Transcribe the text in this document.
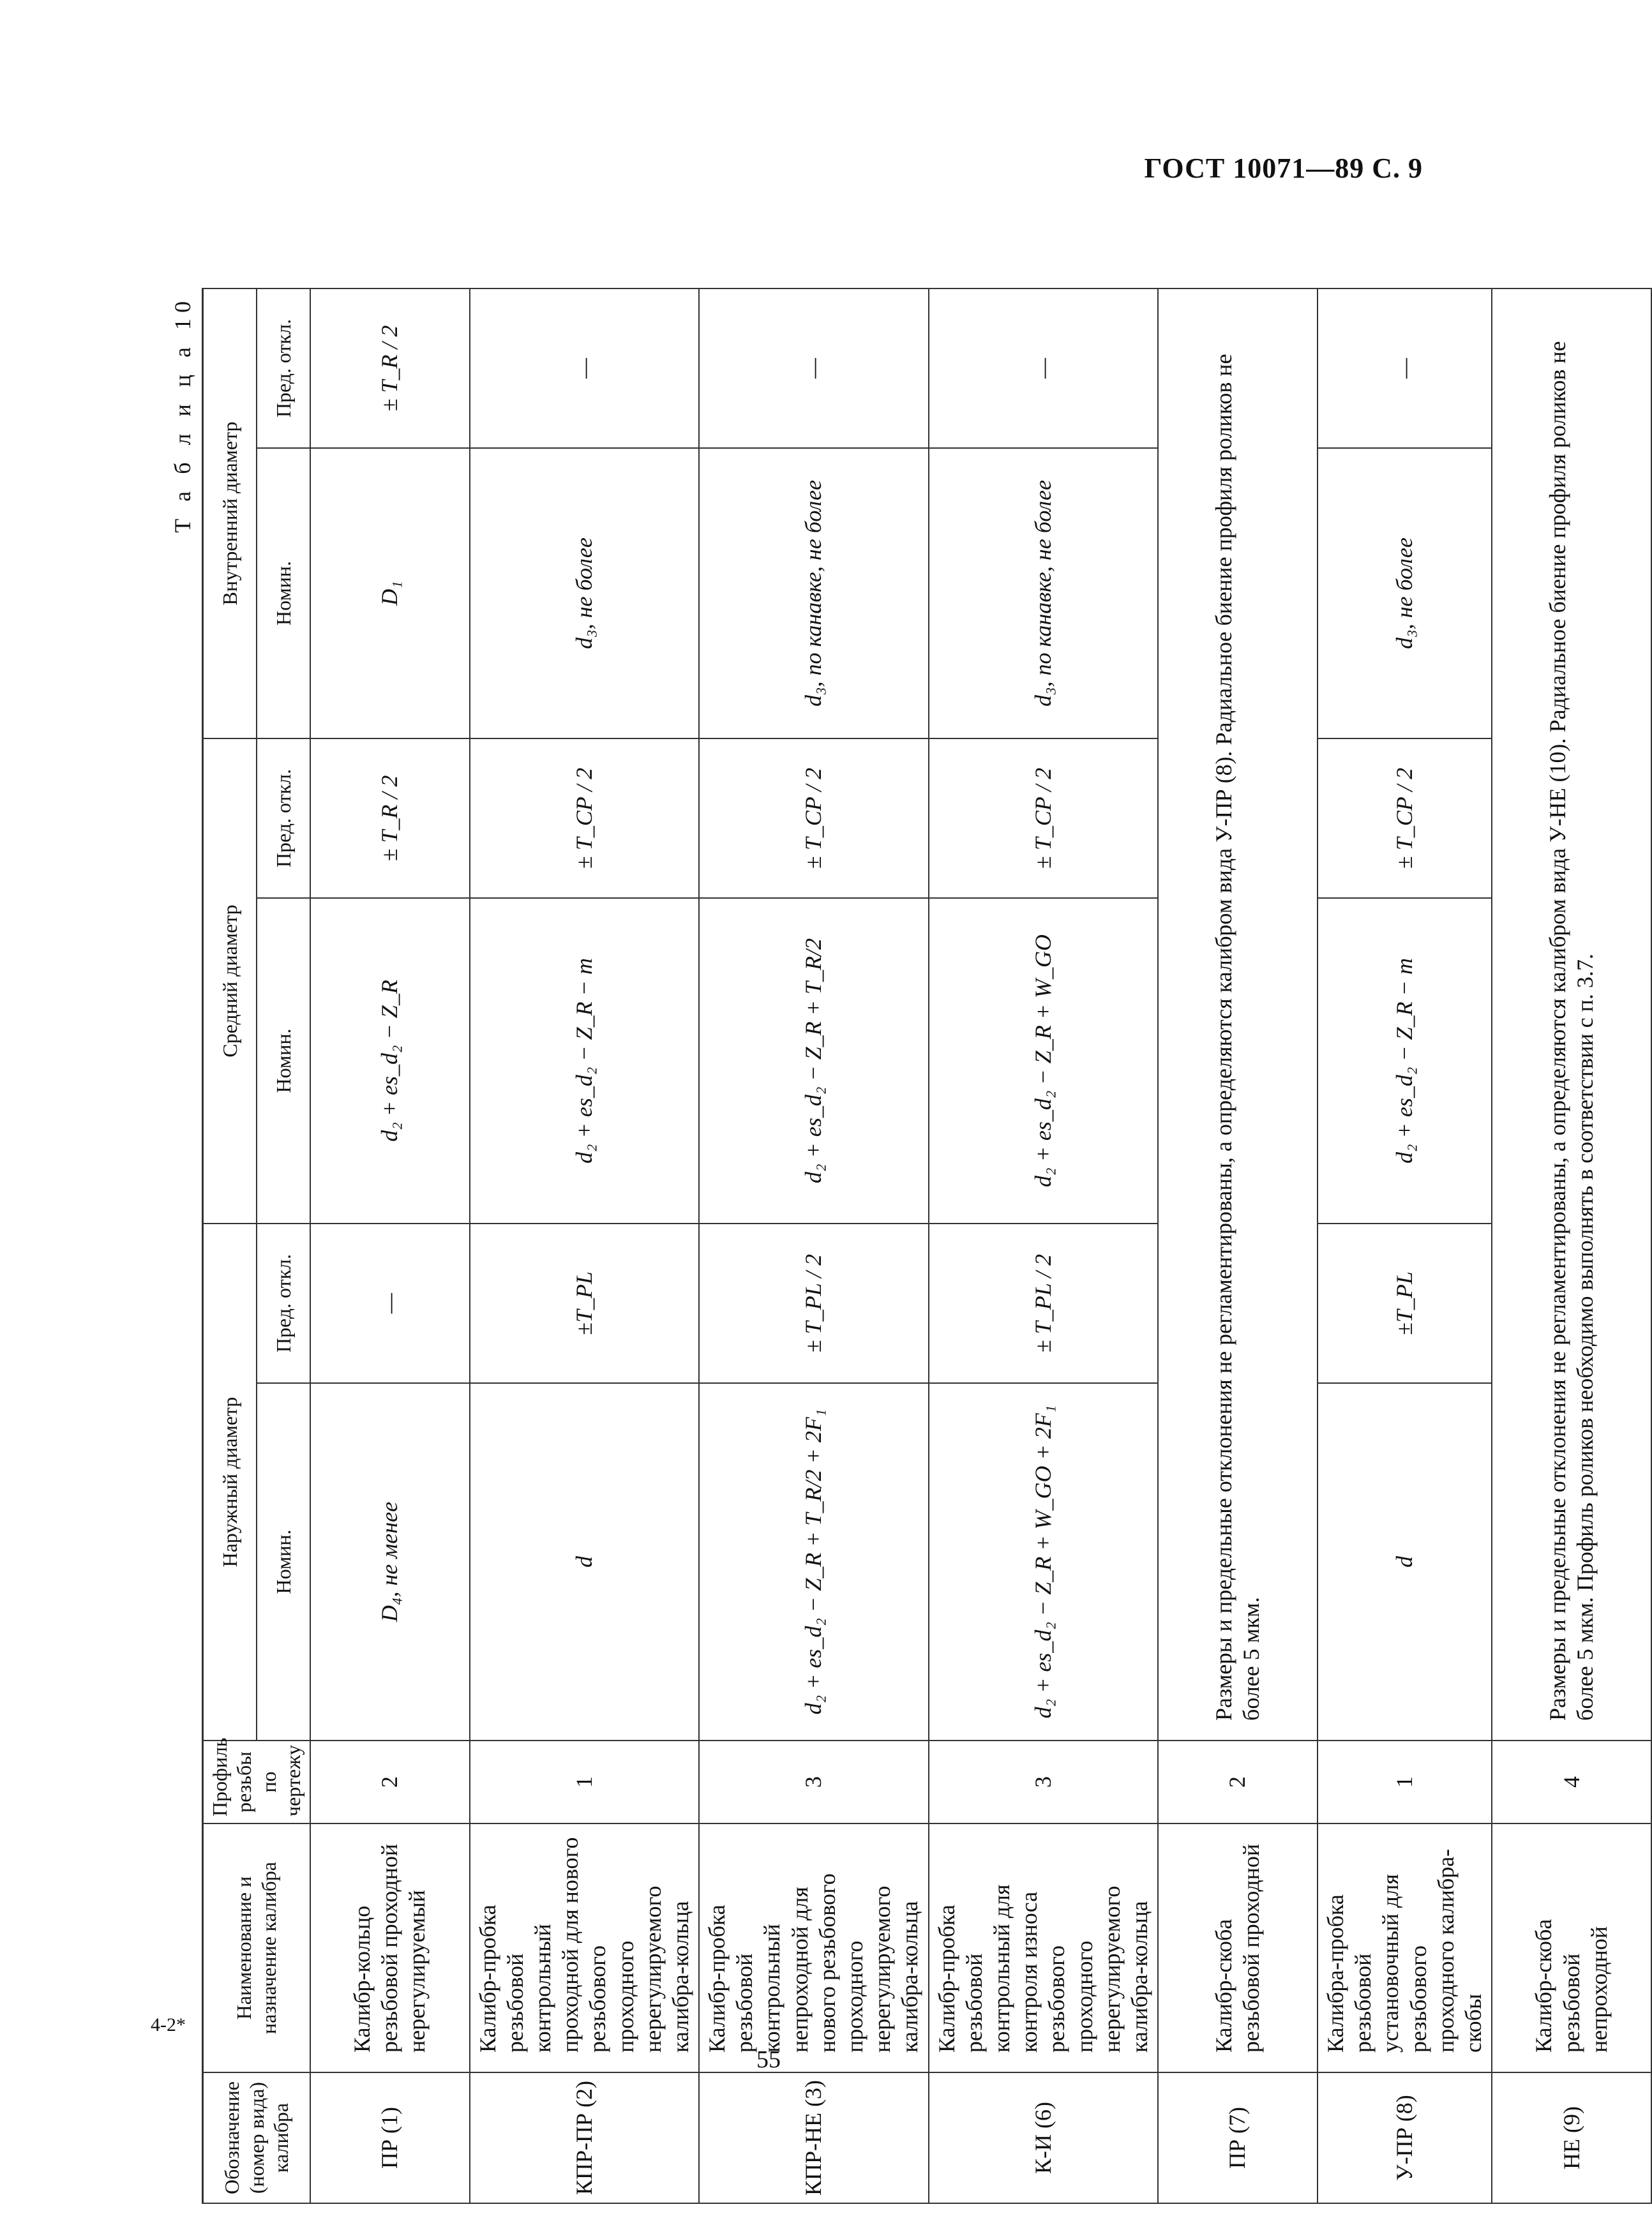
ГОСТ 10071—89 С. 9
4-2*
55
Т а б л и ц а 10
Обозначение (номер вида) калибра	Наименование и назначение калибра	Профиль резьбы по чертежу	Наружный диаметр		Средний диаметр		Внутренний диаметр	
			Номин.	Пред. откл.	Номин.	Пред. откл.	Номин.	Пред. откл.
ПР (1)	Калибр-кольцо резьбовой проходной нерегулируемый	2	D₄, не менее	—	d₂ + es_d₂ − Z_R	± T_R / 2	D₁	± T_R / 2
КПР-ПР (2)	Калибр-пробка резьбовой контрольный проходной для нового резьбового проходного нерегулируемого калибра-кольца	1	d	±T_PL	d₂ + es_d₂ − Z_R − m	± T_CP / 2	d₃, не более	—
КПР-НЕ (3)	Калибр-пробка резьбовой контрольный непроходной для нового резьбового проходного нерегулируемого калибра-кольца	3	d₂ + es_d₂ − Z_R + T_R/2 + 2F₁	± T_PL / 2	d₂ + es_d₂ − Z_R + T_R/2	± T_CP / 2	d₃, по канавке, не более	—
К-И (6)	Калибр-пробка резьбовой контрольный для контроля износа резьбового проходного нерегулируемого калибра-кольца	3	d₂ + es_d₂ − Z_R + W_GO + 2F₁	± T_PL / 2	d₂ + es_d₂ − Z_R + W_GO	± T_CP / 2	d₃, по канавке, не более	—
ПР (7)	Калибр-скоба резьбовой проходной	2	Размеры и предельные отклонения не регламентированы, а определяются калибром вида У-ПР (8). Радиальное биение профиля роликов не более 5 мкм.					
У-ПР (8)	Калибра-пробка резьбовой установочный для резьбового проходного калибра-скобы	1	d	±T_PL	d₂ + es_d₂ − Z_R − m	± T_CP / 2	d₃, не более	—
НЕ (9)	Калибр-скоба резьбовой непроходной	4	Размеры и предельные отклонения не регламентированы, а определяются калибром вида У-НЕ (10). Радиальное биение профиля роликов не более 5 мкм. Профиль роликов необходимо выполнять в соответствии с п. 3.7.					
